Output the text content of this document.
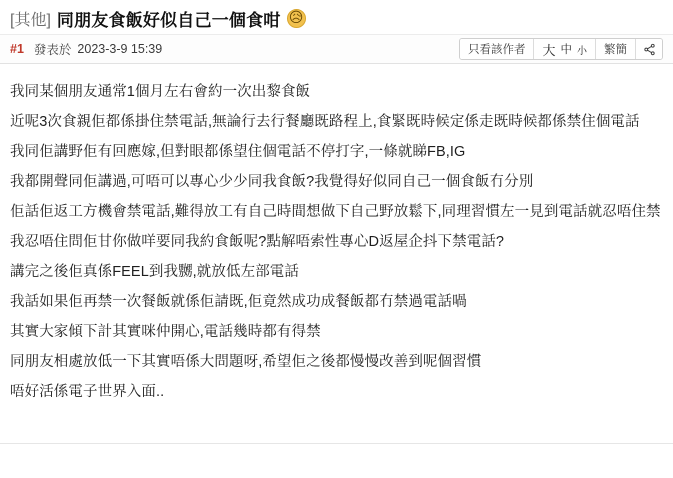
[其他] 同朋友食飯好似自己一個食咁 😥
#1 發表於 2023-3-9 15:39	只看該作者	大 中 小	繁簡

我同某個朋友通常1個月左右會約一次出黎食飯

近呢3次食親佢都係掛住禁電話,無論行去行餐廳既路程上,食緊既時候定係走既時候都係禁住個電話

我同佢講野佢有回應嫁,但對眼都係望住個電話不停打字,一條就睇FB,IG

我都開聲同佢講過,可唔可以專心少少同我食飯?我覺得好似同自己一個食飯冇分別

佢話佢返工方機會禁電話,難得放工有自己時間想做下自己野放鬆下,同理習慣左一見到電話就忍唔住禁

我忍唔住問佢甘你做咩要同我約食飯呢?點解唔索性專心D返屋企抖下禁電話?

講完之後佢真係FEEL到我嬲,就放低左部電話

我話如果佢再禁一次餐飯就係佢請既,佢竟然成功成餐飯都冇禁過電話喎

其實大家傾下計其實咪仲開心,電話幾時都有得禁

同朋友相處放低一下其實唔係大問題呀,希望佢之後都慢慢改善到呢個習慣

唔好活係電子世界入面..
